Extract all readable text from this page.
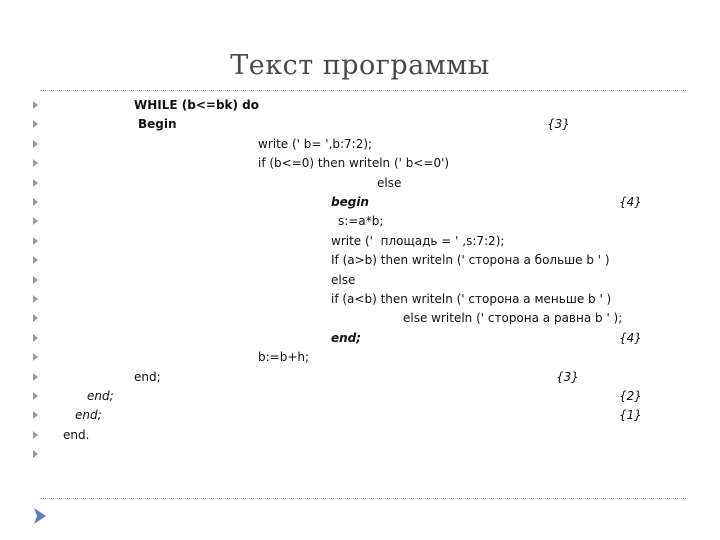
Текст программы
WHILE (b<=bk) do
Begin	{3}
write (' b= ',b:7:2);
if (b<=0) then writeln (' b<=0')
else
begin	{4}
s:=a*b;
write ('  площадь = ' ,s:7:2);
If (a>b) then writeln (' сторона а больше b ' )
else
if (a<b) then writeln (' сторона а меньше b ' )
else writeln (' сторона а равна b ' );
end;	{4}
b:=b+h;
end;	{3}
end;	{2}
end;	{1}
end.
